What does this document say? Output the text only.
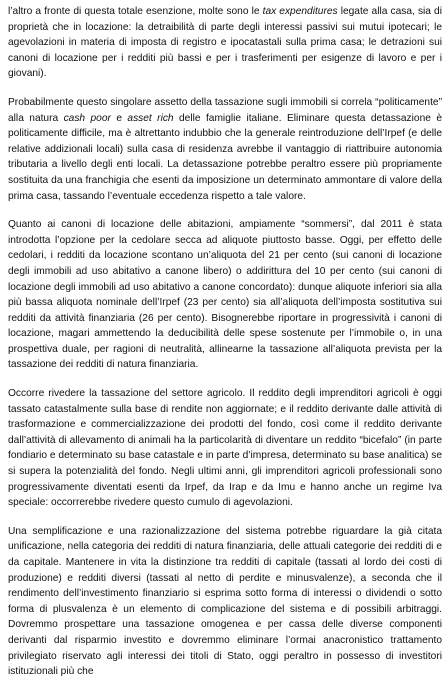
l’altro a fronte di questa totale esenzione, molte sono le tax expenditures legate alla casa, sia di proprietà che in locazione: la detraibilità di parte degli interessi passivi sui mutui ipotecari; le agevolazioni in materia di imposta di registro e ipocatastali sulla prima casa; le detrazioni sui canoni di locazione per i redditi più bassi e per i trasferimenti per esigenze di lavoro e per i giovani).

Probabilmente questo singolare assetto della tassazione sugli immobili si correla “politicamente” alla natura cash poor e asset rich delle famiglie italiane. Eliminare questa detassazione è politicamente difficile, ma è altrettanto indubbio che la generale reintroduzione dell’Irpef (e delle relative addizionali locali) sulla casa di residenza avrebbe il vantaggio di riattribuire autonomia tributaria a livello degli enti locali. La detassazione potrebbe peraltro essere più propriamente sostituita da una franchigia che esenti da imposizione un determinato ammontare di valore della prima casa, tassando l’eventuale eccedenza rispetto a tale valore.

Quanto ai canoni di locazione delle abitazioni, ampiamente “sommersi”, dal 2011 è stata introdotta l’opzione per la cedolare secca ad aliquote piuttosto basse. Oggi, per effetto delle cedolari, i redditi da locazione scontano un’aliquota del 21 per cento (sui canoni di locazione degli immobili ad uso abitativo a canone libero) o addirittura del 10 per cento (sui canoni di locazione degli immobili ad uso abitativo a canone concordato): dunque aliquote inferiori sia alla più bassa aliquota nominale dell’Irpef (23 per cento) sia all’aliquota dell’imposta sostitutiva sui redditi da attività finanziaria (26 per cento). Bisognerebbe riportare in progressività i canoni di locazione, magari ammettendo la deducibilità delle spese sostenute per l’immobile o, in una prospettiva duale, per ragioni di neutralità, allinearne la tassazione all’aliquota prevista per la tassazione dei redditi di natura finanziaria.

Occorre rivedere la tassazione del settore agricolo. Il reddito degli imprenditori agricoli è oggi tassato catastalmente sulla base di rendite non aggiornate; e il reddito derivante dalle attività di trasformazione e commercializzazione dei prodotti del fondo, così come il reddito derivante dall’attività di allevamento di animali ha la particolarità di diventare un reddito “bicefalo” (in parte fondiario e determinato su base catastale e in parte d’impresa, determinato su base analitica) se si supera la potenzialità del fondo. Negli ultimi anni, gli imprenditori agricoli professionali sono progressivamente diventati esenti da Irpef, da Irap e da Imu e hanno anche un regime Iva speciale: occorrerebbe rivedere questo cumulo di agevolazioni.

Una semplificazione e una razionalizzazione del sistema potrebbe riguardare la già citata unificazione, nella categoria dei redditi di natura finanziaria, delle attuali categorie dei redditi di e da capitale. Mantenere in vita la distinzione tra redditi di capitale (tassati al lordo dei costi di produzione) e redditi diversi (tassati al netto di perdite e minusvalenze), a seconda che il rendimento dell’investimento finanziario si esprima sotto forma di interessi o dividendi o sotto forma di plusvalenza è un elemento di complicazione del sistema e di possibili arbitraggi. Dovremmo prospettare una tassazione omogenea e per cassa delle diverse componenti derivanti dal risparmio investito e dovremmo eliminare l’ormai anacronistico trattamento privilegiato riservato agli interessi dei titoli di Stato, oggi peraltro in possesso di investitori istituzionali più che
